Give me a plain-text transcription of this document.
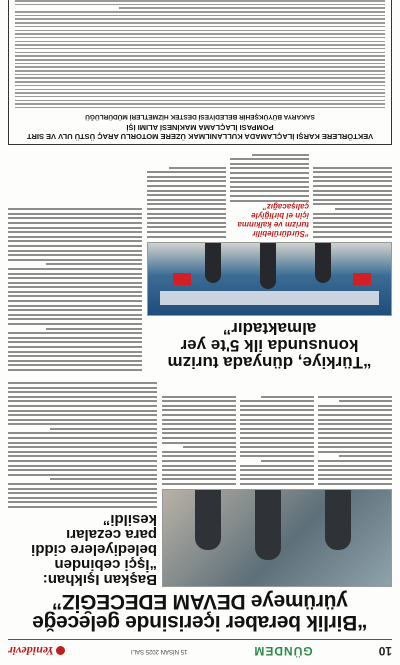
10
GÜNDEM
15 NİSAN 2025 SALI
Yenidevir
“Birlik beraber içerisinde geleceğe yürümeye DEVAM EDECEĞİZ”
Başkan Işıkhan: “İşçi cebinden belediyelere ciddi para cezaları kesildi”
“Türkiye, dünyada turizm konusunda ilk 5'te yer almaktadır”
“Sürdürülebilir turizm ve kalkınma için el birliğiyle çalışacağız”
VEKTÖRLERE KARŞI İLAÇLAMADA KULLANILMAK ÜZERE MOTORLU ARAÇ ÜSTÜ ULV VE SIRT POMPASI İLAÇLAMA MAKİNESİ ALIMI İŞİ
SAKARYA BÜYÜKŞEHİR BELEDİYESİ DESTEK HİZMETLERİ MÜDÜRLÜĞÜ
